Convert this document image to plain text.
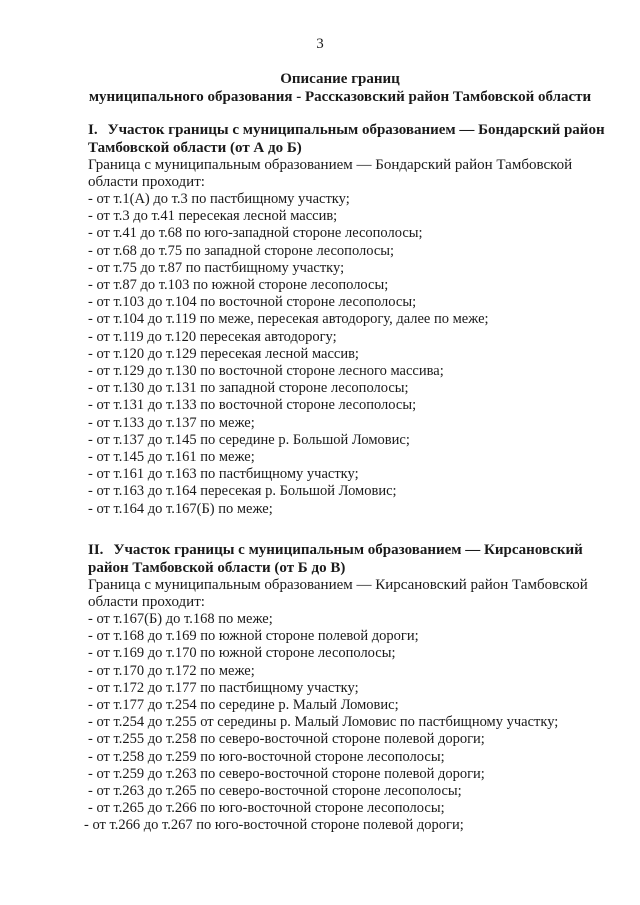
3
Описание границ
муниципального образования - Рассказовский район Тамбовской области
I. Участок границы с муниципальным образованием — Бондарский район Тамбовской области (от А до Б)
Граница с муниципальным образованием — Бондарский район Тамбовской области проходит:
- от т.1(А) до т.3 по пастбищному участку;
- от т.3 до т.41 пересекая лесной массив;
- от т.41 до т.68 по юго-западной стороне лесополосы;
- от т.68 до т.75 по западной стороне лесополосы;
- от т.75 до т.87 по пастбищному участку;
- от т.87 до т.103 по южной стороне лесополосы;
- от т.103 до т.104 по восточной стороне лесополосы;
- от т.104 до т.119 по меже, пересекая автодорогу, далее по меже;
- от т.119 до т.120 пересекая автодорогу;
- от т.120 до т.129 пересекая лесной массив;
- от т.129 до т.130 по восточной стороне лесного массива;
- от т.130 до т.131 по западной стороне лесополосы;
- от т.131 до т.133 по восточной стороне лесополосы;
- от т.133 до т.137 по меже;
- от т.137 до т.145 по середине р. Большой Ломовис;
- от т.145 до т.161 по меже;
- от т.161 до т.163 по пастбищному участку;
- от т.163 до т.164 пересекая р. Большой Ломовис;
- от т.164 до т.167(Б) по меже;
II. Участок границы с муниципальным образованием — Кирсановский район Тамбовской области (от Б до В)
Граница с муниципальным образованием — Кирсановский район Тамбовской области проходит:
- от т.167(Б) до т.168 по меже;
- от т.168 до т.169 по южной стороне полевой дороги;
- от т.169 до т.170 по южной стороне лесополосы;
- от т.170 до т.172 по меже;
- от т.172 до т.177 по пастбищному участку;
- от т.177 до т.254 по середине р. Малый Ломовис;
- от т.254 до т.255 от середины р. Малый Ломовис по пастбищному участку;
- от т.255 до т.258 по северо-восточной стороне полевой дороги;
- от т.258 до т.259 по юго-восточной стороне лесополосы;
- от т.259 до т.263 по северо-восточной стороне полевой дороги;
- от т.263 до т.265 по северо-восточной стороне лесополосы;
- от т.265 до т.266 по юго-восточной стороне лесополосы;
- от т.266 до т.267 по юго-восточной стороне полевой дороги;
